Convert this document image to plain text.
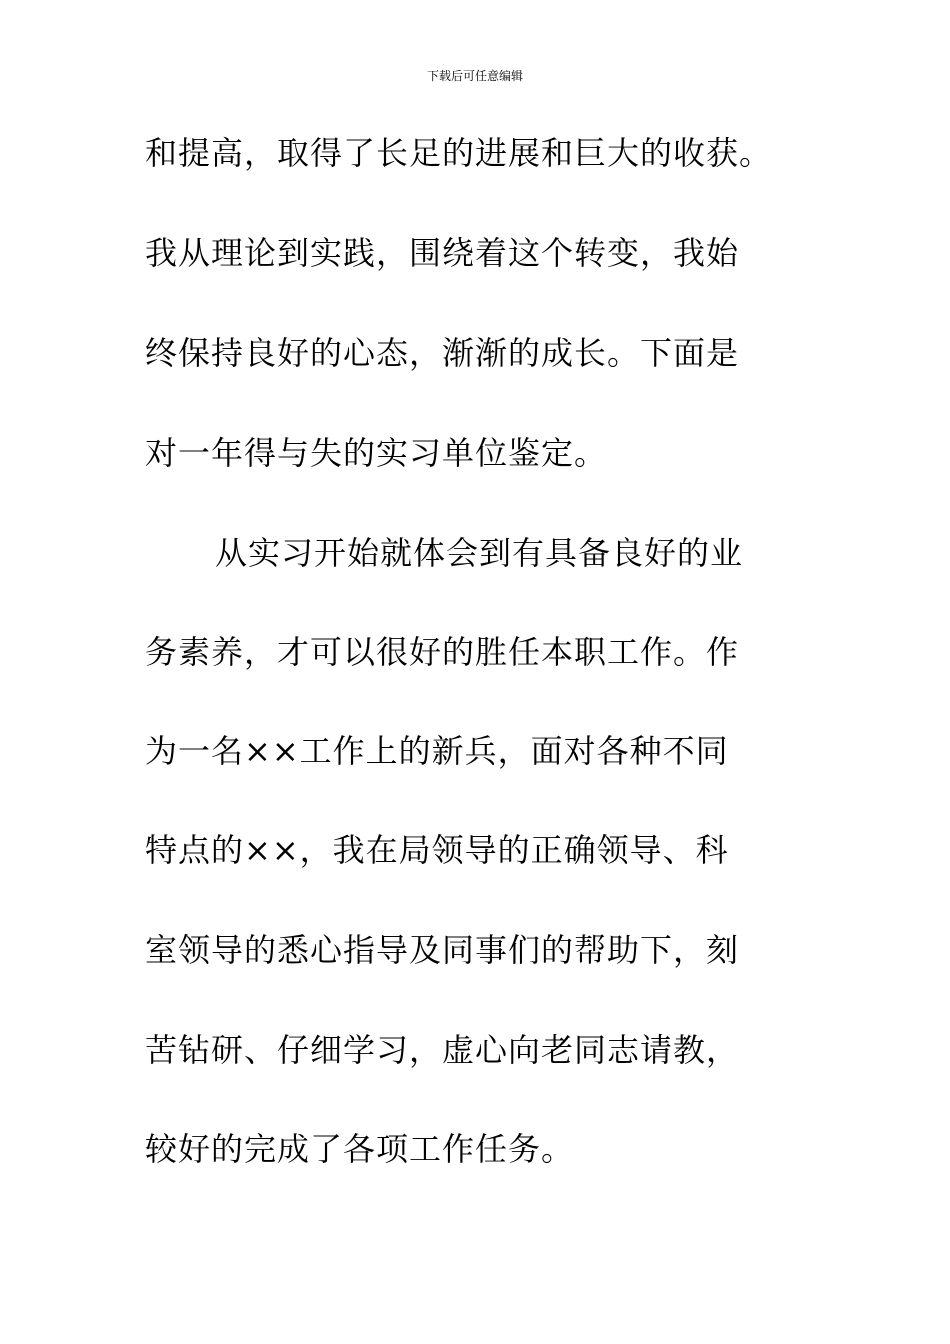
下载后可任意编辑
和提高，取得了长足的进展和巨大的收获。
我从理论到实践，围绕着这个转变，我始
终保持良好的心态，渐渐的成长。下面是
对一年得与失的实习单位鉴定。
从实习开始就体会到有具备良好的业
务素养，才可以很好的胜任本职工作。作
为一名××工作上的新兵，面对各种不同
特点的××，我在局领导的正确领导、科
室领导的悉心指导及同事们的帮助下，刻
苦钻研、仔细学习，虚心向老同志请教，
较好的完成了各项工作任务。
